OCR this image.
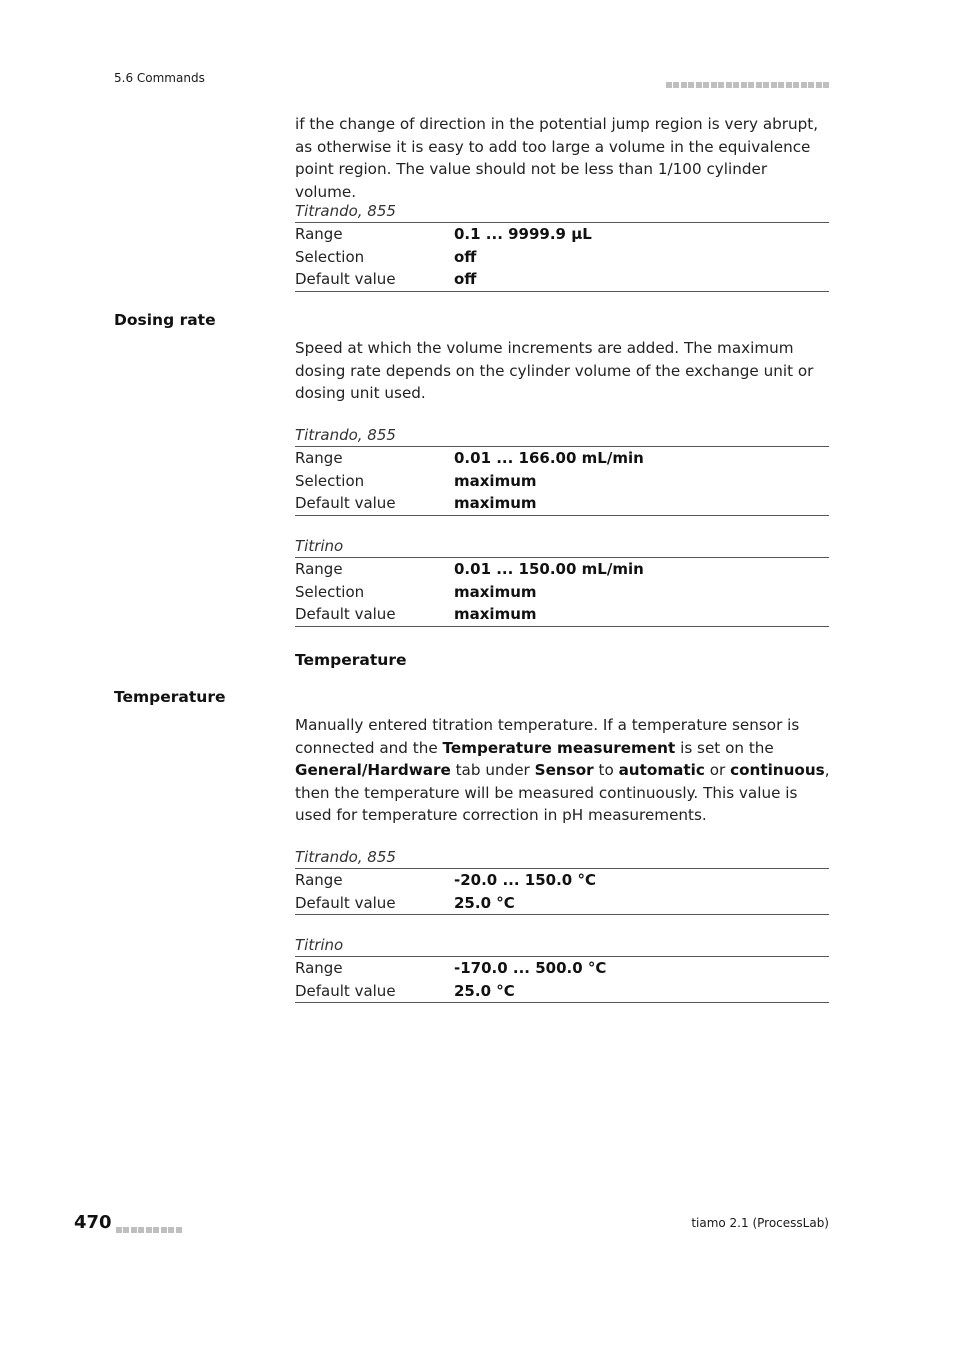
5.6 Commands
if the change of direction in the potential jump region is very abrupt, as otherwise it is easy to add too large a volume in the equivalence point region. The value should not be less than 1/100 cylinder volume.
Titrando, 855
Range	0.1 ... 9999.9 µL
Selection	off
Default value	off
Dosing rate
Speed at which the volume increments are added. The maximum dosing rate depends on the cylinder volume of the exchange unit or dosing unit used.
Titrando, 855
Range	0.01 ... 166.00 mL/min
Selection	maximum
Default value	maximum
Titrino
Range	0.01 ... 150.00 mL/min
Selection	maximum
Default value	maximum
Temperature
Temperature
Manually entered titration temperature. If a temperature sensor is connected and the Temperature measurement is set on the General/Hardware tab under Sensor to automatic or continuous, then the temperature will be measured continuously. This value is used for temperature correction in pH measurements.
Titrando, 855
Range	-20.0 ... 150.0 °C
Default value	25.0 °C
Titrino
Range	-170.0 ... 500.0 °C
Default value	25.0 °C
470	tiamo 2.1 (ProcessLab)
